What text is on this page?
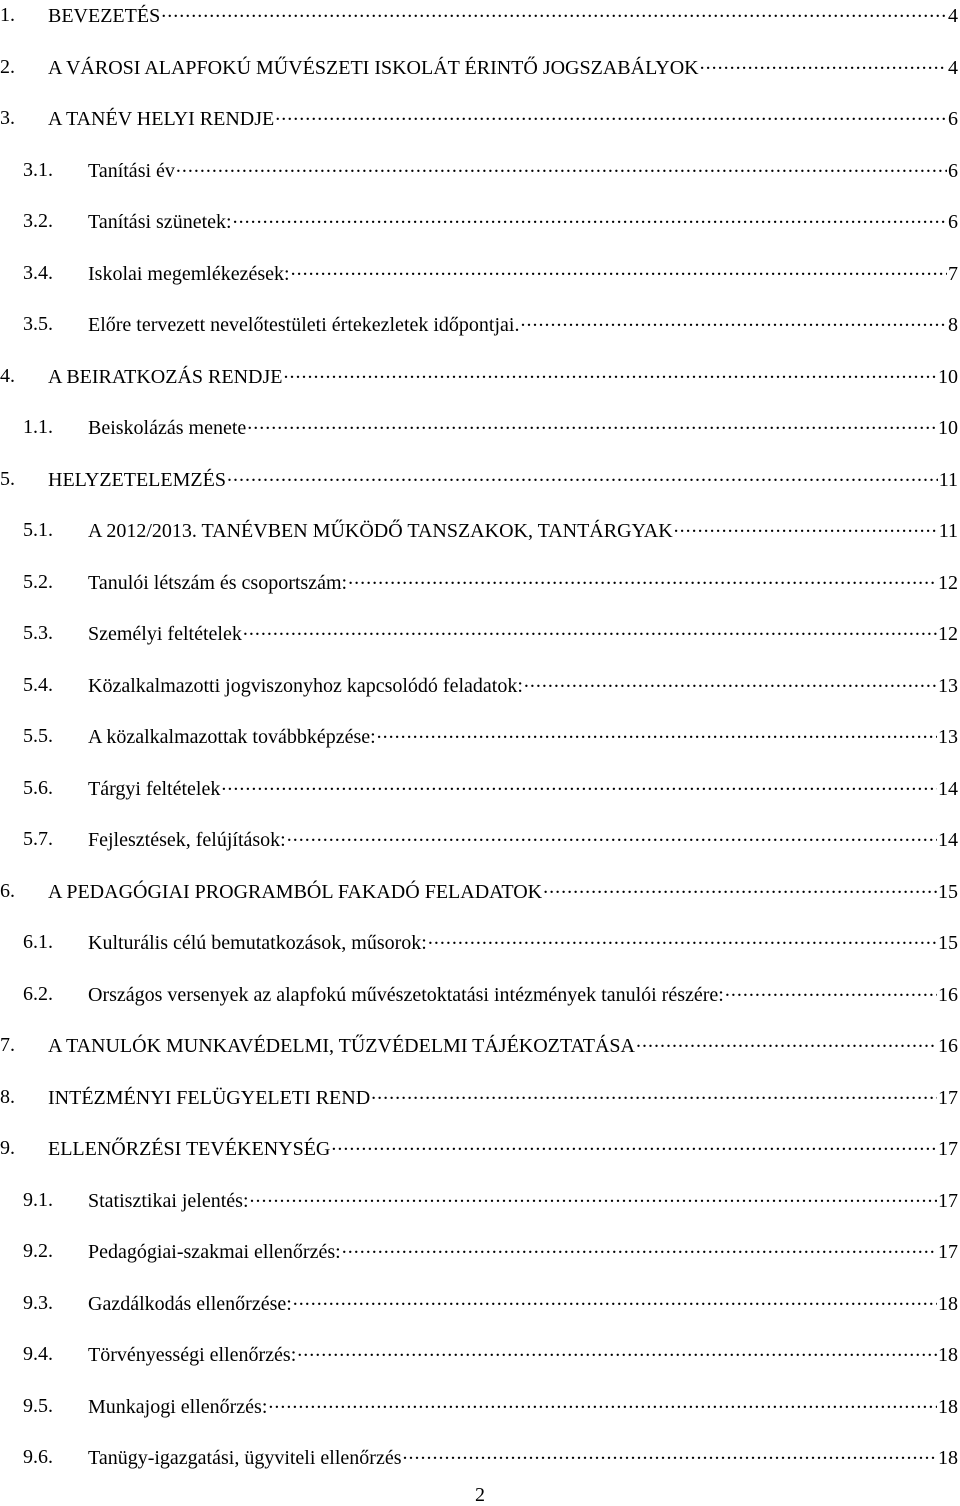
1. BEVEZETÉS .....	4
2. A VÁROSI ALAPFOKÚ MŰVÉSZETI ISKOLÁT ÉRINTŐ JOGSZABÁLYOK .....	4
3. A TANÉV HELYI RENDJE .....	6
3.1. Tanítási év .....	6
3.2. Tanítási szünetek: .....	6
3.4. Iskolai megemlékezések: .....	7
3.5. Előre tervezett nevelőtestületi értekezletek időpontjai. .....	8
4. A BEIRATKOZÁS RENDJE .....	10
1.1. Beiskolázás menete .....	10
5. HELYZETELEMZÉS .....	11
5.1. A 2012/2013. TANÉVBEN MŰKÖDŐ TANSZAKOK, TANTÁRGYAK .....	11
5.2. Tanulói létszám és csoportszám: .....	12
5.3. Személyi feltételek .....	12
5.4. Közalkalmazotti jogviszonyhoz kapcsolódó feladatok: .....	13
5.5. A közalkalmazottak továbbképzése: .....	13
5.6. Tárgyi feltételek .....	14
5.7. Fejlesztések, felújítások: .....	14
6. A PEDAGÓGIAI PROGRAMBÓL FAKADÓ FELADATOK .....	15
6.1. Kulturális célú bemutatkozások, műsorok: .....	15
6.2. Országos versenyek az alapfokú művészetoktatási intézmények tanulói részére: .....	16
7. A TANULÓK MUNKAVÉDELMI, TŰZVÉDELMI TÁJÉKOZTATÁSA .....	16
8. INTÉZMÉNYI FELÜGYELETI REND .....	17
9. ELLENŐRZÉSI TEVÉKENYSÉG .....	17
9.1. Statisztikai jelentés: .....	17
9.2. Pedagógiai-szakmai ellenőrzés: .....	17
9.3. Gazdálkodás ellenőrzése: .....	18
9.4. Törvényességi ellenőrzés: .....	18
9.5. Munkajogi ellenőrzés: .....	18
9.6. Tanügy-igazgatási, ügyviteli ellenőrzés .....	18
2
